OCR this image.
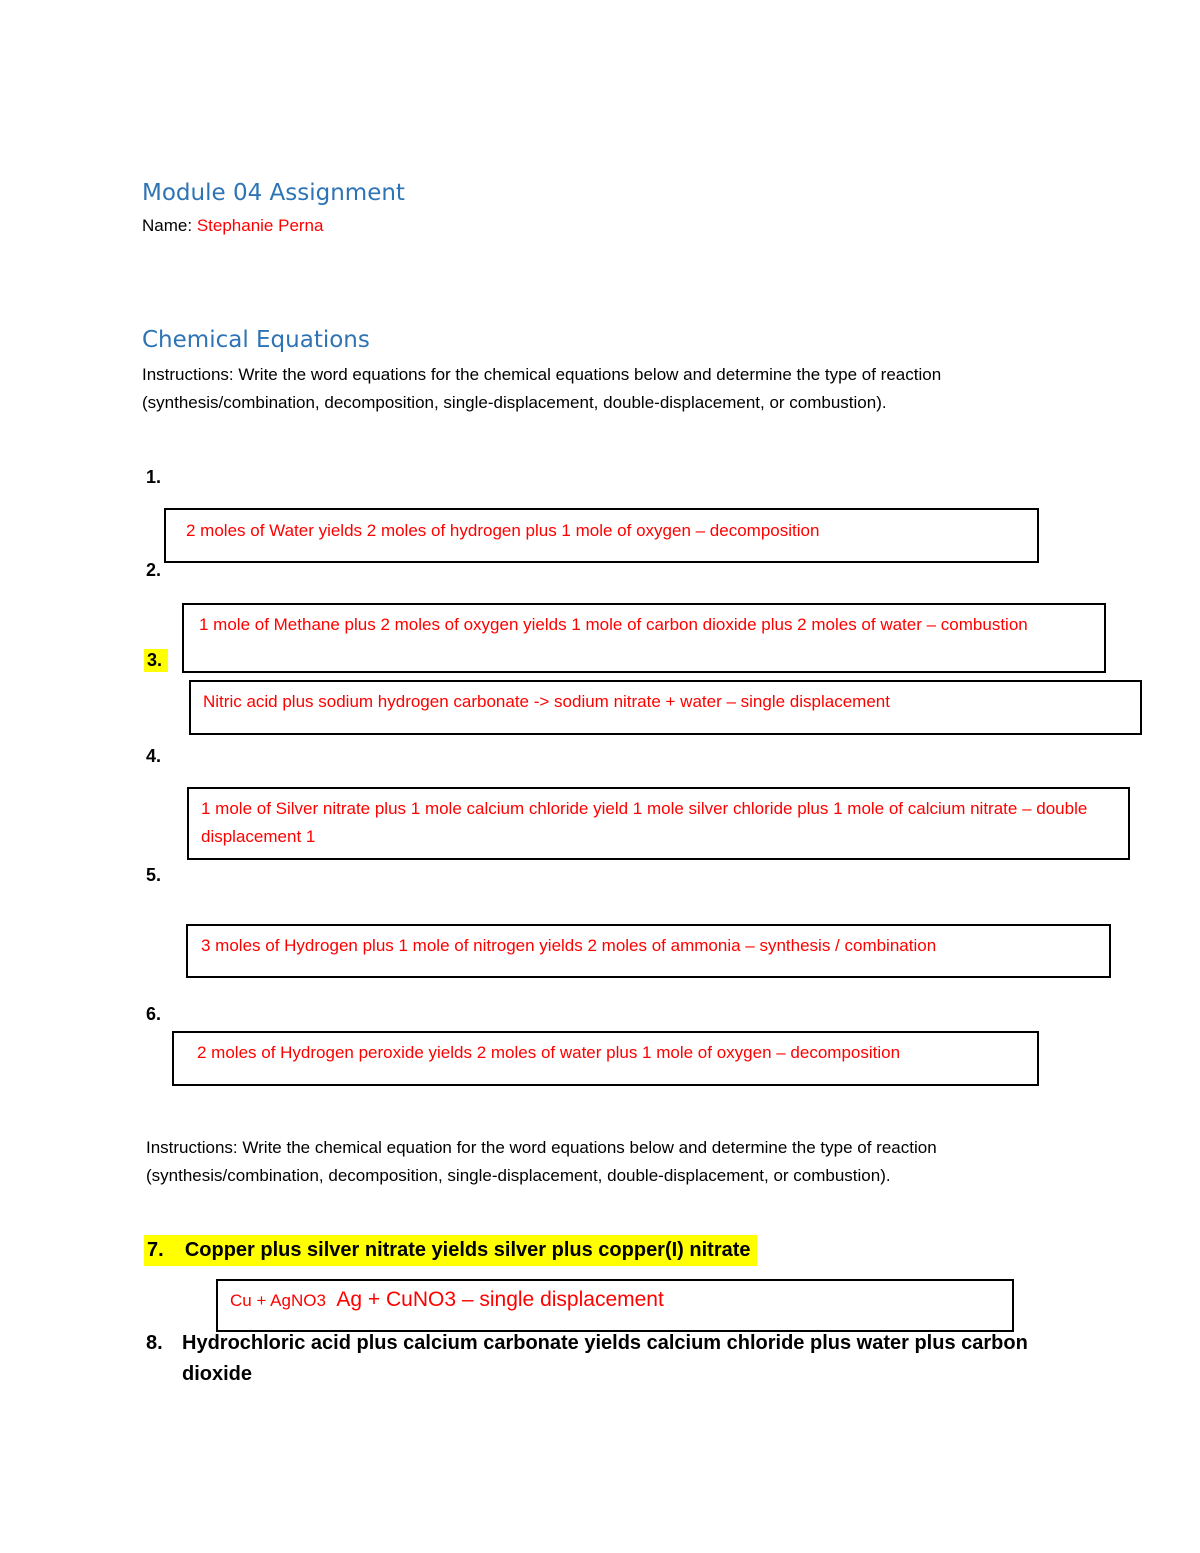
Module 04 Assignment
Name: Stephanie Perna
Chemical Equations
Instructions: Write the word equations for the chemical equations below and determine the type of reaction (synthesis/combination, decomposition, single-displacement, double-displacement, or combustion).
1.
2.
3.
4.
5.
6.
2 moles of Water yields 2 moles of hydrogen plus 1 mole of oxygen – decomposition
1 mole of Methane plus 2 moles of oxygen yields 1 mole of carbon dioxide plus 2 moles of water – combustion
Nitric acid plus sodium hydrogen carbonate -> sodium nitrate + water – single displacement
1 mole of Silver nitrate plus 1 mole calcium chloride yield 1 mole silver chloride plus 1 mole of calcium nitrate – double displacement 1
3 moles of Hydrogen plus 1 mole of nitrogen yields 2 moles of ammonia – synthesis / combination
2 moles of Hydrogen peroxide yields 2 moles of water plus 1 mole of oxygen – decomposition
Instructions: Write the chemical equation for the word equations below and determine the type of reaction (synthesis/combination, decomposition, single-displacement, double-displacement, or combustion).
7. Copper plus silver nitrate yields silver plus copper(I) nitrate
Cu + AgNO3 Ag + CuNO3 – single displacement
8. Hydrochloric acid plus calcium carbonate yields calcium chloride plus water plus carbon dioxide
